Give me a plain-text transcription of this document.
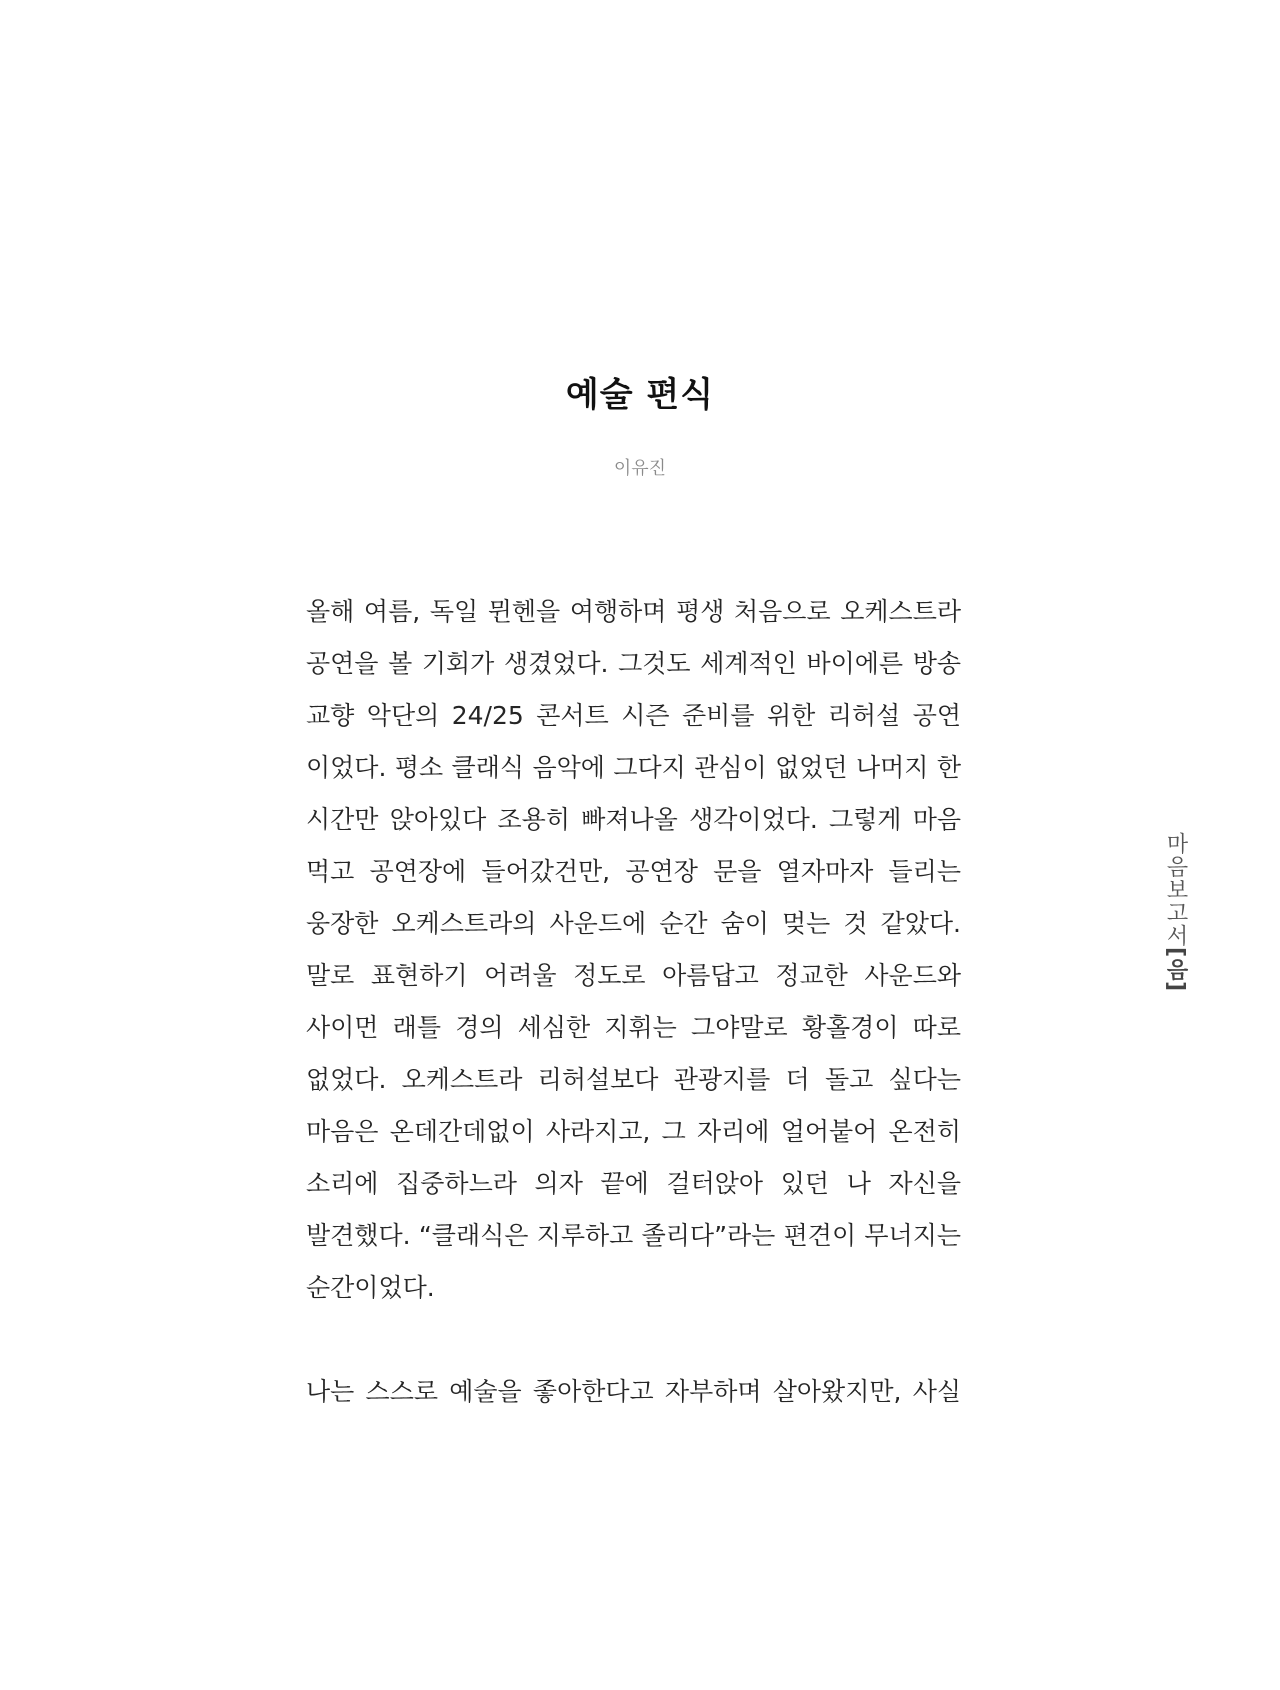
예술 편식
이유진
올해 여름, 독일 뮌헨을 여행하며 평생 처음으로 오케스트라
공연을 볼 기회가 생겼었다. 그것도 세계적인 바이에른 방송
교향 악단의 24/25 콘서트 시즌 준비를 위한 리허설 공연
이었다. 평소 클래식 음악에 그다지 관심이 없었던 나머지 한
시간만 앉아있다 조용히 빠져나올 생각이었다. 그렇게 마음
먹고 공연장에 들어갔건만, 공연장 문을 열자마자 들리는
웅장한 오케스트라의 사운드에 순간 숨이 멎는 것 같았다.
말로 표현하기 어려울 정도로 아름답고 정교한 사운드와
사이먼 래틀 경의 세심한 지휘는 그야말로 황홀경이 따로
없었다. 오케스트라 리허설보다 관광지를 더 돌고 싶다는
마음은 온데간데없이 사라지고, 그 자리에 얼어붙어 온전히
소리에 집중하느라 의자 끝에 걸터앉아 있던 나 자신을
발견했다. “클래식은 지루하고 졸리다”라는 편견이 무너지는
순간이었다.
나는 스스로 예술을 좋아한다고 자부하며 살아왔지만, 사실
마음보고서[음]
